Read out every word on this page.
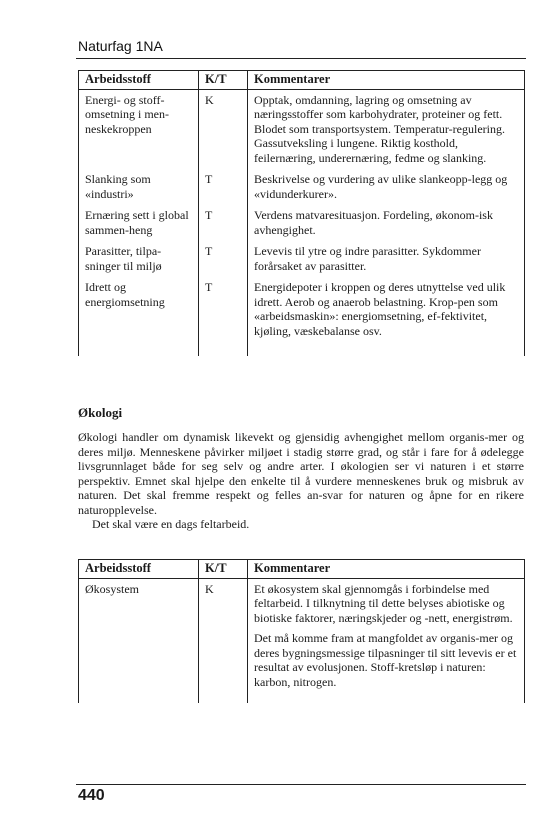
Naturfag 1NA
Arbeidsstoff	K/T	Kommentarer
Energi- og stoff-omsetning i men-neskekroppen	K	Opptak, omdanning, lagring og omsetning av næringsstoffer som karbohydrater, proteiner og fett. Blodet som transportsystem. Temperatur-regulering. Gassutveksling i lungene. Riktig kosthold, feilernæring, underernæring, fedme og slanking.
Slanking som «industri»	T	Beskrivelse og vurdering av ulike slankeopp-legg og «vidunderkurer».
Ernæring sett i global sammen-heng	T	Verdens matvaresituasjon. Fordeling, økonom-isk avhengighet.
Parasitter, tilpa-sninger til miljø	T	Levevis til ytre og indre parasitter. Sykdommer forårsaket av parasitter.
Idrett og energiomsetning	T	Energidepoter i kroppen og deres utnyttelse ved ulik idrett. Aerob og anaerob belastning. Krop-pen som «arbeidsmaskin»: energiomsetning, ef-fektivitet, kjøling, væskebalanse osv.

Økologi

Økologi handler om dynamisk likevekt og gjensidig avhengighet mellom organis-mer og deres miljø. Menneskene påvirker miljøet i stadig større grad, og står i fare for å ødelegge livsgrunnlaget både for seg selv og andre arter. I økologien ser vi naturen i et større perspektiv. Emnet skal hjelpe den enkelte til å vurdere menneskenes bruk og misbruk av naturen. Det skal fremme respekt og felles an-svar for naturen og åpne for en rikere naturopplevelse.

Det skal være en dags feltarbeid.

Arbeidsstoff	K/T	Kommentarer
Økosystem	K	Et økosystem skal gjennomgås i forbindelse med feltarbeid. I tilknytning til dette belyses abiotiske og biotiske faktorer, næringskjeder og -nett, energistrøm.
Det må komme fram at mangfoldet av organis-mer og deres bygningsmessige tilpasninger til sitt levevis er et resultat av evolusjonen. Stoff-kretsløp i naturen: karbon, nitrogen.

440
